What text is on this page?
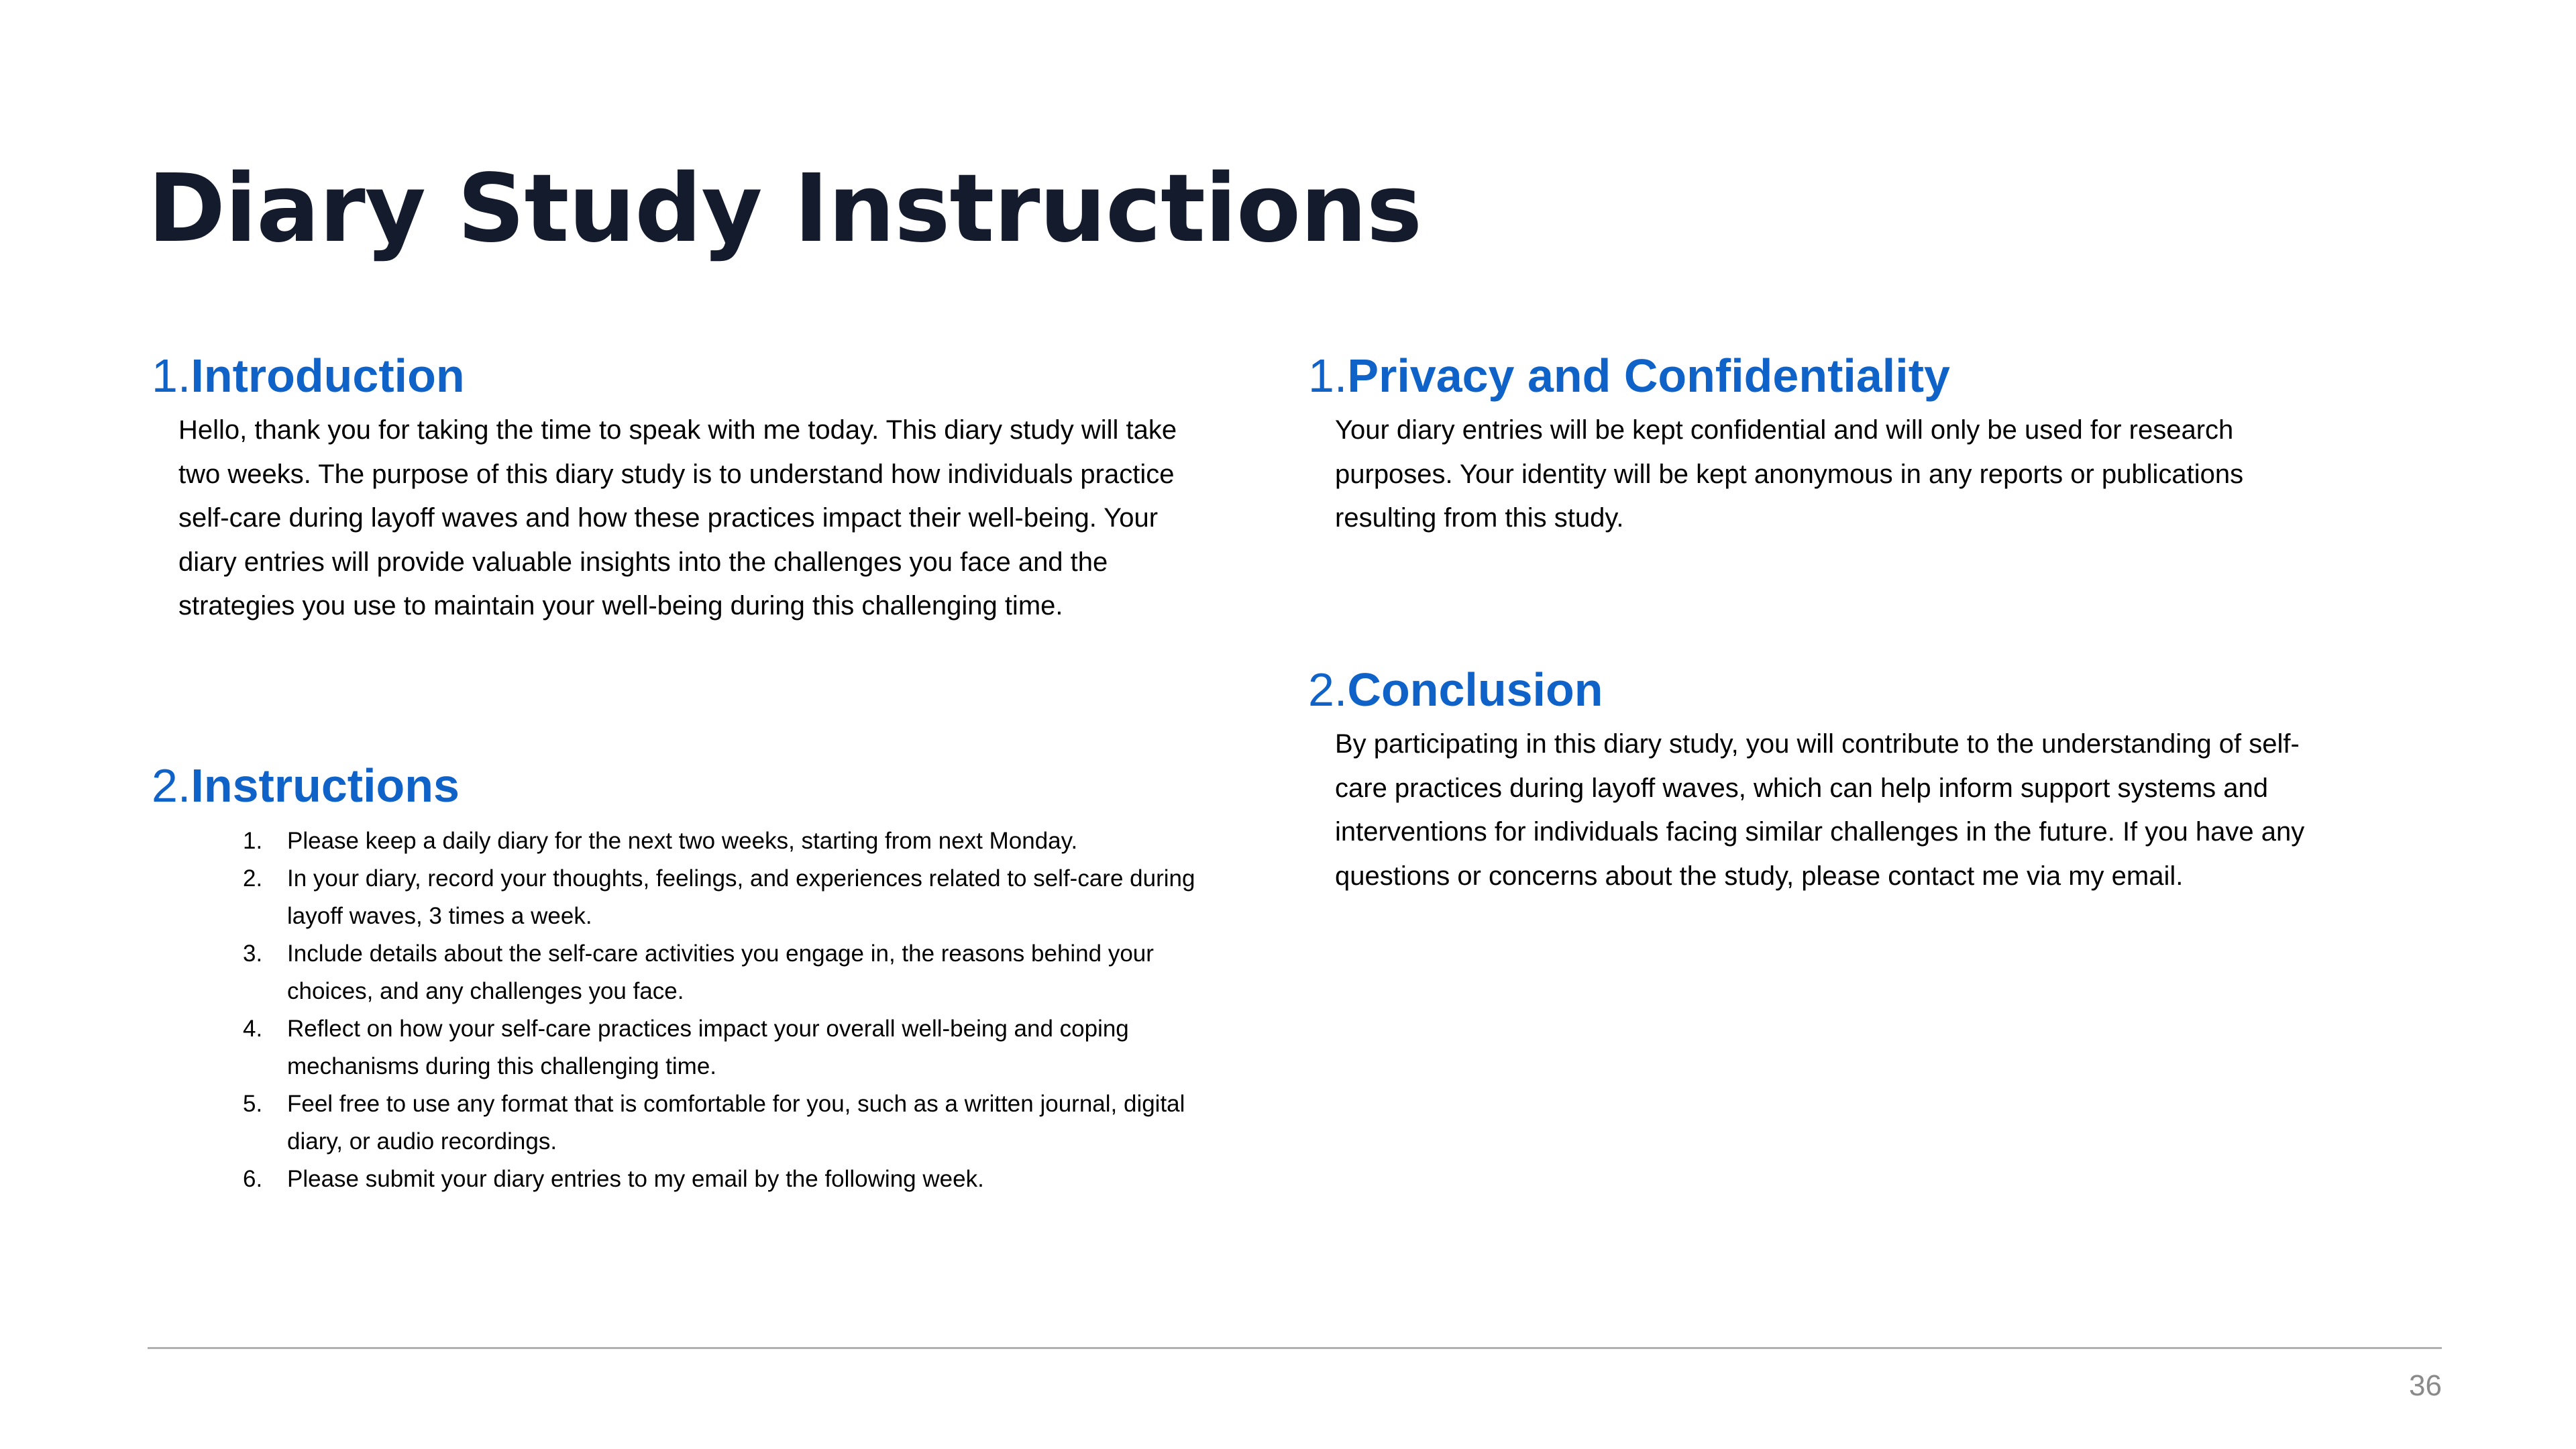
Diary Study Instructions
1.Introduction

Hello, thank you for taking the time to speak with me today. This diary study will take two weeks. The purpose of this diary study is to understand how individuals practice self-care during layoff waves and how these practices impact their well-being. Your diary entries will provide valuable insights into the challenges you face and the strategies you use to maintain your well-being during this challenging time.

2.Instructions
1. Please keep a daily diary for the next two weeks, starting from next Monday.
2. In your diary, record your thoughts, feelings, and experiences related to self-care during layoff waves, 3 times a week.
3. Include details about the self-care activities you engage in, the reasons behind your choices, and any challenges you face.
4. Reflect on how your self-care practices impact your overall well-being and coping mechanisms during this challenging time.
5. Feel free to use any format that is comfortable for you, such as a written journal, digital diary, or audio recordings.
6. Please submit your diary entries to my email by the following week.
1.Privacy and Confidentiality

Your diary entries will be kept confidential and will only be used for research purposes. Your identity will be kept anonymous in any reports or publications resulting from this study.

2.Conclusion

By participating in this diary study, you will contribute to the understanding of self-care practices during layoff waves, which can help inform support systems and interventions for individuals facing similar challenges in the future. If you have any questions or concerns about the study, please contact me via my email.

36
